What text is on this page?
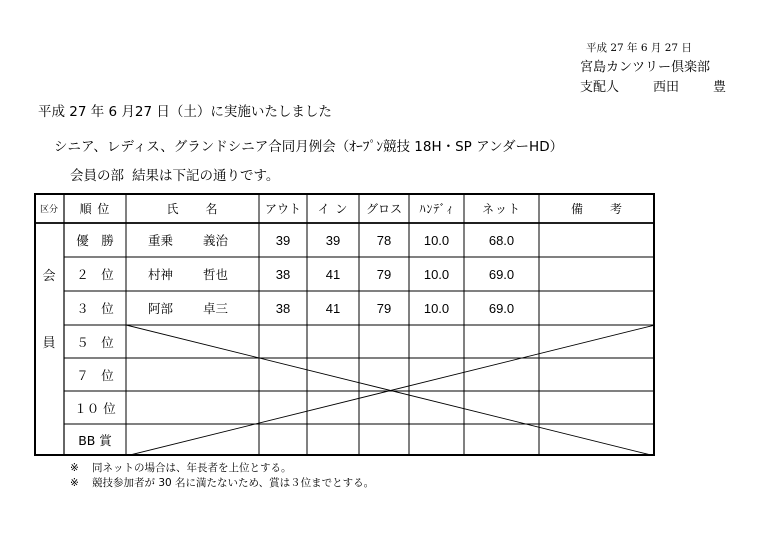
平成 27 年 6 月 27 日
宮島カンツリー倶楽部
支配人	西田	豊
平成 27 年 6 月27 日（土）に実施いたしました
シニア、レディス、グランドシニア合同月例会（ｵｰﾌﾟﾝ競技 18H・SP アンダーHD）
会員の部 結果は下記の通りです。
区分	順 位	氏　　名	アウト	イ ン	グロス	ﾊﾝﾃﾞｨ	ネット	備　　考
会
員
優　勝	重乗 義治	39	39	78	10.0	68.0
２　位	村神 哲也	38	41	79	10.0	69.0
３　位	阿部 卓三	38	41	79	10.0	69.0
５　位
７　位
１０ 位
BB 賞
※ 同ネットの場合は、年長者を上位とする。
※ 競技参加者が 30 名に満たないため、賞は３位までとする。
